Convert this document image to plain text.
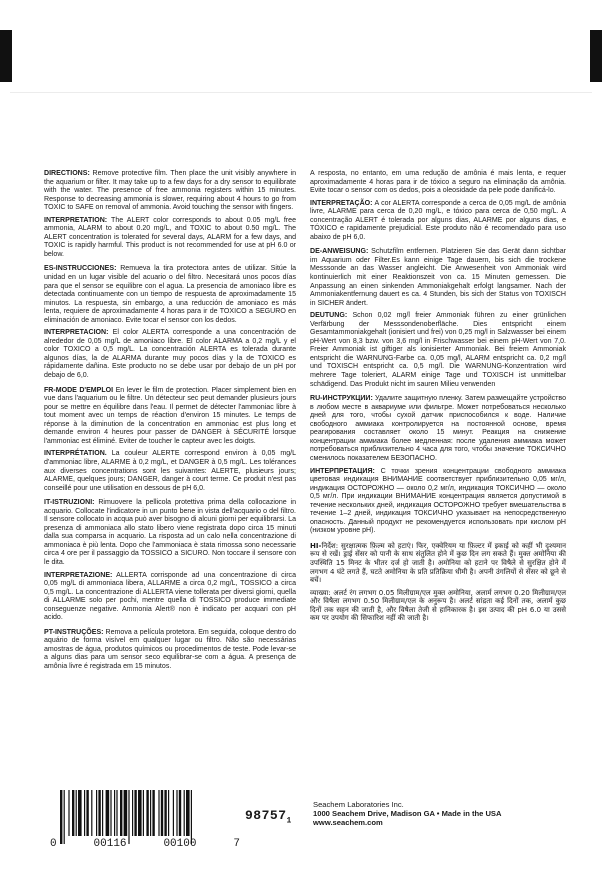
DIRECTIONS: Remove protective film. Then place the unit visibly anywhere in the aquarium or filter. It may take up to a few days for a dry sensor to equilibrate with the water. The presence of free ammonia registers within 15 minutes. Response to decreasing ammonia is slower, requiring about 4 hours to go from TOXIC to SAFE on removal of ammonia. Avoid touching the sensor with fingers.

INTERPRETATION: The ALERT color corresponds to about 0.05 mg/L free ammonia, ALARM to about 0.20 mg/L, and TOXIC to about 0.50 mg/L. The ALERT concentration is tolerated for several days, ALARM for a few days, and TOXIC is rapidly harmful. This product is not recommended for use at pH 6.0 or below.

ES-INSTRUCCIONES: Remueva la tira protectora antes de utilizar. Sitúe la unidad en un lugar visible del acuario o del filtro. Necesitará unos pocos días para que el sensor se equilibre con el agua. La presencia de amoniaco libre es detectada continuamente con un tiempo de respuesta de aproximadamente 15 minutos. La respuesta, sin embargo, a una reducción de amoniaco es más lenta, requiere de aproximadamente 4 horas para ir de TOXICO a SEGURO en eliminación de amoniaco. Evite tocar el sensor con los dedos.

INTERPRETACION: El color ALERTA corresponde a una concentración de alrededor de 0,05 mg/L de amoniaco libre. El color ALARMA a 0,2 mg/L y el color TOXICO a 0,5 mg/L. La concentración ALERTA es tolerada durante algunos días, la de ALARMA durante muy pocos días y la de TOXICO es rápidamente dañina. Este producto no se debe usar por debajo de un pH por debajo de 6,0.

FR-MODE D'EMPLOI En lever le film de protection. Placer simplement bien en vue dans l'aquarium ou le filtre. Un détecteur sec peut demander plusieurs jours pour se mettre en équilibre dans l'eau. Il permet de détecter l'ammoniac libre à tout moment avec un temps de réaction d'environ 15 minutes. Le temps de réponse à la diminution de la concentration en ammoniac est plus long et demande environ 4 heures pour passer de DANGER à SÉCURITÉ lorsque l'ammoniac est éliminé. Eviter de toucher le capteur avec les doigts.

INTERPRÉTATION. La couleur ALERTE correspond environ à 0,05 mg/L d'ammoniac libre, ALARME à 0,2 mg/L, et DANGER à 0,5 mg/L. Les tolérances aux diverses concentrations sont les suivantes: ALERTE, plusieurs jours; ALARME, quelques jours; DANGER, danger à court terme. Ce produit n'est pas conseillé pour une utilisation en dessous de pH 6,0.

IT-ISTRUZIONI: Rimuovere la pellicola protettiva prima della collocazione in acquario. Collocate l'indicatore in un punto bene in vista dell'acquario o del filtro. Il sensore collocato in acqua può aver bisogno di alcuni giorni per equilibrarsi. La presenza di ammoniaca allo stato libero viene registrata dopo circa 15 minuti dalla sua comparsa in acquario. La risposta ad un calo nella concentrazione di ammoniaca è più lenta. Dopo che l'ammoniaca è stata rimossa sono necessarie circa 4 ore per il passaggio da TOSSICO a SICURO. Non toccare il sensore con le dita.

INTERPRETAZIONE: ALLERTA corrisponde ad una concentrazione di circa 0,05 mg/L di ammoniaca libera, ALLARME a circa 0,2 mg/L, TOSSICO a circa 0,5 mg/L. La concentrazione di ALLERTA viene tollerata per diversi giorni, quella di ALLARME solo per pochi, mentre quella di TOSSICO produce immediate conseguenze negative. Ammonia Alert® non è indicato per acquari con pH acido.

PT-INSTRUÇÕES: Remova a película protetora. Em seguida, coloque dentro do aquário de forma visível em qualquer lugar ou filtro. Não são necessárias amostras de água, produtos químicos ou procedimentos de teste. Pode levar-se a alguns dias para um sensor seco equilibrar-se com a água. A presença de amônia livre é registrada em 15 minutos.

A resposta, no entanto, em uma redução de amônia é mais lenta, e requer aproximadamente 4 horas para ir de tóxico a seguro na eliminação da amônia. Evite tocar o sensor com os dedos, pois a oleosidade da pele pode danificá-lo.

INTERPRETAÇÃO: A cor ALERTA corresponde a cerca de 0,05 mg/L de amônia livre, ALARME para cerca de 0,20 mg/L, e tóxico para cerca de 0,50 mg/L. A concentração ALERT é tolerada por alguns dias, ALARME por alguns dias, e TÓXICO e rapidamente prejudicial. Este produto não é recomendado para uso abaixo de pH 6,0.

DE-ANWEISUNG: Schutzfilm entfernen. Platzieren Sie das Gerät dann sichtbar im Aquarium oder Filter.Es kann einige Tage dauern, bis sich die trockene Messsonde an das Wasser angleicht. Die Anwesenheit von Ammoniak wird kontinuierlich mit einer Reaktionszeit von ca. 15 Minuten gemessen. Die Anpassung an einen sinkenden Ammoniakgehalt erfolgt langsamer. Nach der Ammoniakentfernung dauert es ca. 4 Stunden, bis sich der Status von TOXISCH in SICHER ändert.

DEUTUNG: Schon 0,02 mg/l freier Ammoniak führen zu einer grünlichen Verfärbung der Messsondenoberfläche. Dies entspricht einem Gesamtammoniakgehalt (ionisiert und frei) von 0,25 mg/l in Salzwasser bei einem pH-Wert von 8,3 bzw. von 3,6 mg/l in Frischwasser bei einem pH-Wert von 7,0. Freier Ammoniak ist giftiger als ionisierter Ammoniak. Bei freiem Ammoniak entspricht die WARNUNG-Farbe ca. 0,05 mg/l, ALARM entspricht ca. 0,2 mg/l und TOXISCH entspricht ca. 0,5 mg/l. Die WARNUNG-Konzentration wird mehrere Tage toleriert, ALARM einige Tage und TOXISCH ist unmittelbar schädigend. Das Produkt nicht im sauren Milieu verwenden

RU-ИНСТРУКЦИИ: Удалите защитную пленку. Затем размещайте устройство в любом месте в аквариуме или фильтре. Может потребоваться несколько дней для того, чтобы сухой датчик приспособился к воде. Наличие свободного аммиака контролируется на постоянной основе, время реагирования составляет около 15 минут. Реакция на снижение концентрации аммиака более медленная: после удаления аммиака может потребоваться приблизительно 4 часа для того, чтобы значение ТОКСИЧНО сменилось показателем БЕЗОПАСНО.

ИНТЕРПРЕТАЦИЯ: С точки зрения концентрации свободного аммиака цветовая индикация ВНИМАНИЕ соответствует приблизительно 0,05 мг/л, индикация ОСТОРОЖНО — около 0,2 мг/л, индикация ТОКСИЧНО — около 0,5 мг/л. При индикации ВНИМАНИЕ концентрация является допустимой в течение нескольких дней, индикация ОСТОРОЖНО требует вмешательства в течение 1–2 дней, индикация ТОКСИЧНО указывает на непосредственную опасность. Данный продукт не рекомендуется использовать при кислом рН (низком уровне рН).

HI-निर्देश: सुरक्षात्मक फ़िल्म को हटाएं। फिर, एक्वेरियम या फ़िल्टर में इकाई को कहीं भी दृश्यमान रूप से रखें। ड्राई सेंसर को पानी के साथ संतुलित होने में कुछ दिन लग सकते हैं। मुक्त अमोनिया की उपस्थिति 15 मिनट के भीतर दर्ज हो जाती है। अमोनिया को हटाने पर विषैले से सुरक्षित होने में लगभग 4 घंटे लगते हैं, घटते अमोनिया के प्रति प्रतिक्रिया धीमी है। अपनी उंगलियों से सेंसर को छूने से बचें।

व्याख्या: अलर्ट रंग लगभग 0.05 मिलीग्राम/एल मुक्त अमोनिया, अलार्म लगभग 0.20 मिलीग्राम/एल और विषैला लगभग 0.50 मिलीग्राम/एल के अनुरूप है। अलर्ट सांद्रता कई दिनों तक, अलार्म कुछ दिनों तक सहन की जाती है, और विषैला तेजी से हानिकारक है। इस उत्पाद की pH 6.0 या उससे कम पर उपयोग की सिफारिश नहीं की जाती है।

0	00116	00100	7
$98757_1$
Seachem Laboratories Inc.
1000 Seachem Drive, Madison GA • Made in the USA
www.seachem.com
